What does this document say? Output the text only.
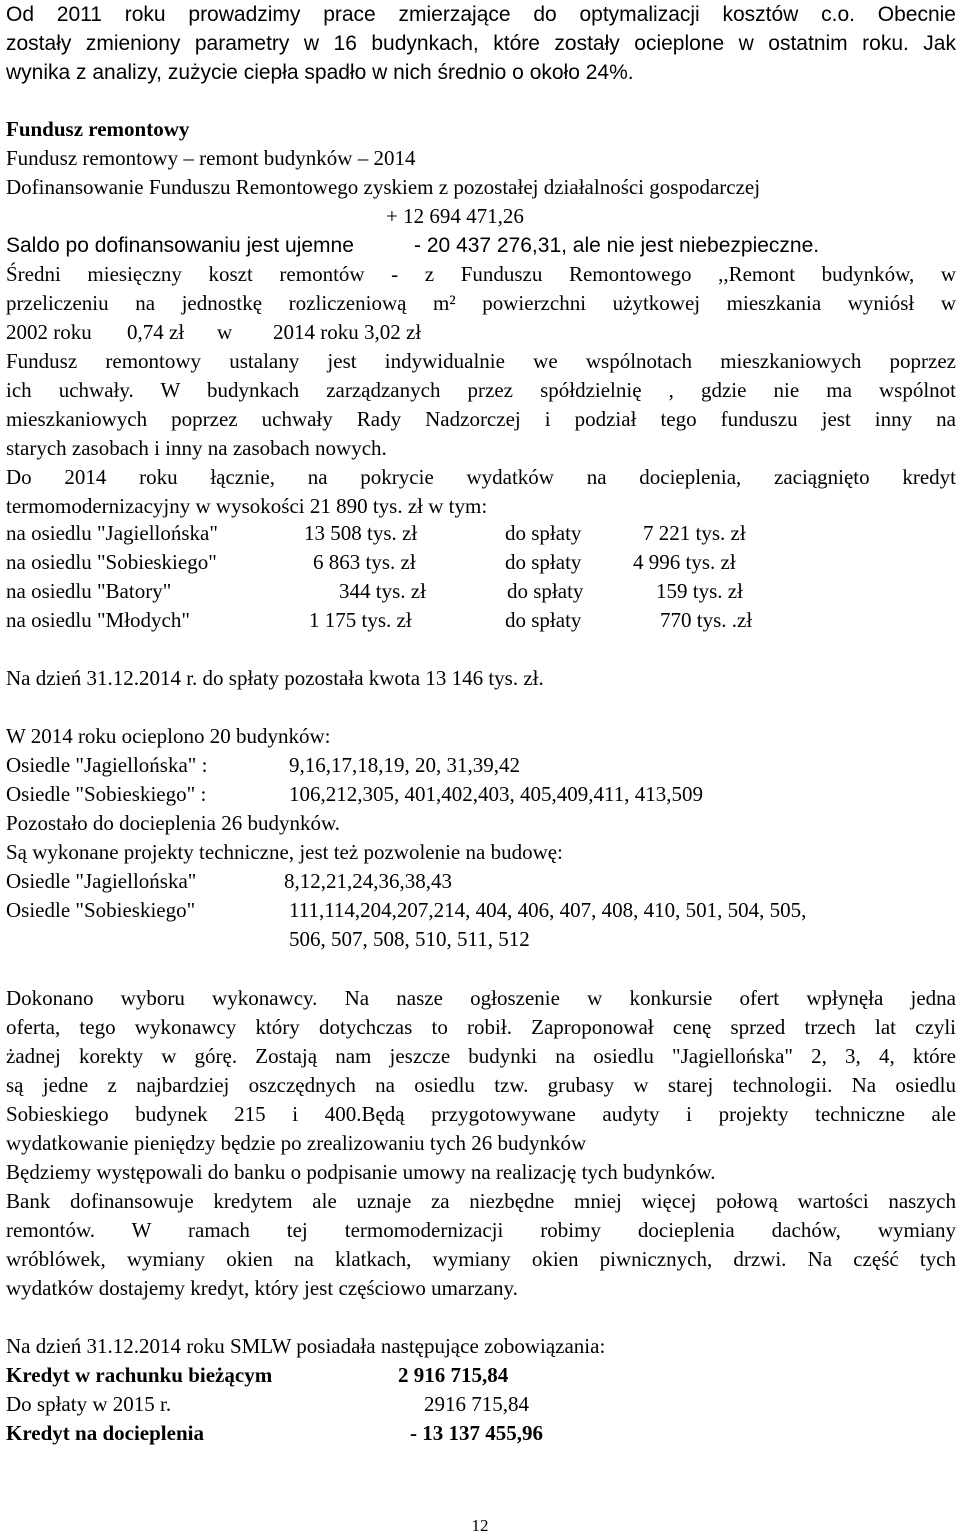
Od 2011 roku prowadzimy prace zmierzające do optymalizacji kosztów c.o. Obecnie
zostały zmieniony parametry w 16 budynkach, które zostały ocieplone w ostatnim roku. Jak
wynika z analizy, zużycie ciepła spadło w nich średnio o około 24%.
Fundusz remontowy
Fundusz remontowy – remont budynków – 2014
Dofinansowanie Funduszu Remontowego zyskiem z pozostałej działalności gospodarczej
+ 12 694 471,26
Saldo po dofinansowaniu jest ujemne	- 20 437 276,31, ale nie jest niebezpieczne.
Średni miesięczny koszt remontów - z Funduszu Remontowego ,,Remont budynków, w
przeliczeniu na jednostkę rozliczeniową m² powierzchni użytkowej mieszkania wyniósł w
2002 roku 0,74 zł w 2014 roku 3,02 zł
Fundusz remontowy ustalany jest indywidualnie we wspólnotach mieszkaniowych poprzez
ich uchwały. W budynkach zarządzanych przez spółdzielnię , gdzie nie ma wspólnot
mieszkaniowych poprzez uchwały Rady Nadzorczej i podział tego funduszu jest inny na
starych zasobach i inny na zasobach nowych.
Do 2014 roku łącznie, na pokrycie wydatków na docieplenia, zaciągnięto kredyt
termomodernizacyjny w wysokości 21 890 tys. zł w tym:
na osiedlu "Jagiellońska"	13 508 tys. zł	do spłaty	7 221 tys. zł
na osiedlu "Sobieskiego"	6 863 tys. zł	do spłaty 4 996 tys. zł
na osiedlu "Batory"	344 tys. zł	do spłaty	159 tys. zł
na osiedlu "Młodych"	1 175 tys. zł	do spłaty	770 tys. .zł
Na dzień 31.12.2014 r. do spłaty pozostała kwota 13 146 tys. zł.
W 2014 roku ocieplono 20 budynków:
Osiedle "Jagiellońska" :	9,16,17,18,19, 20, 31,39,42
Osiedle "Sobieskiego" :	106,212,305, 401,402,403, 405,409,411, 413,509
Pozostało do docieplenia 26 budynków.
Są wykonane projekty techniczne, jest też pozwolenie na budowę:
Osiedle "Jagiellońska"	8,12,21,24,36,38,43
Osiedle "Sobieskiego"	111,114,204,207,214, 404, 406, 407, 408, 410, 501, 504, 505,
506, 507, 508, 510, 511, 512
Dokonano wyboru wykonawcy. Na nasze ogłoszenie w konkursie ofert wpłynęła jedna
oferta, tego wykonawcy który dotychczas to robił. Zaproponował cenę sprzed trzech lat czyli
żadnej korekty w górę. Zostają nam jeszcze budynki na osiedlu "Jagiellońska" 2, 3, 4, które
są jedne z najbardziej oszczędnych na osiedlu tzw. grubasy w starej technologii. Na osiedlu
Sobieskiego budynek 215 i 400.Będą przygotowywane audyty i projekty techniczne ale
wydatkowanie pieniędzy będzie po zrealizowaniu tych 26 budynków
Będziemy występowali do banku o podpisanie umowy na realizację tych budynków.
Bank dofinansowuje kredytem ale uznaje za niezbędne mniej więcej połową wartości naszych
remontów. W ramach tej termomodernizacji robimy docieplenia dachów, wymiany
wróblówek, wymiany okien na klatkach, wymiany okien piwnicznych, drzwi. Na część tych
wydatków dostajemy kredyt, który jest częściowo umarzany.
Na dzień 31.12.2014 roku SMLW posiadała następujące zobowiązania:
Kredyt w rachunku bieżącym	2 916 715,84
Do spłaty w 2015 r.	2916 715,84
Kredyt na docieplenia	- 13 137 455,96
12
